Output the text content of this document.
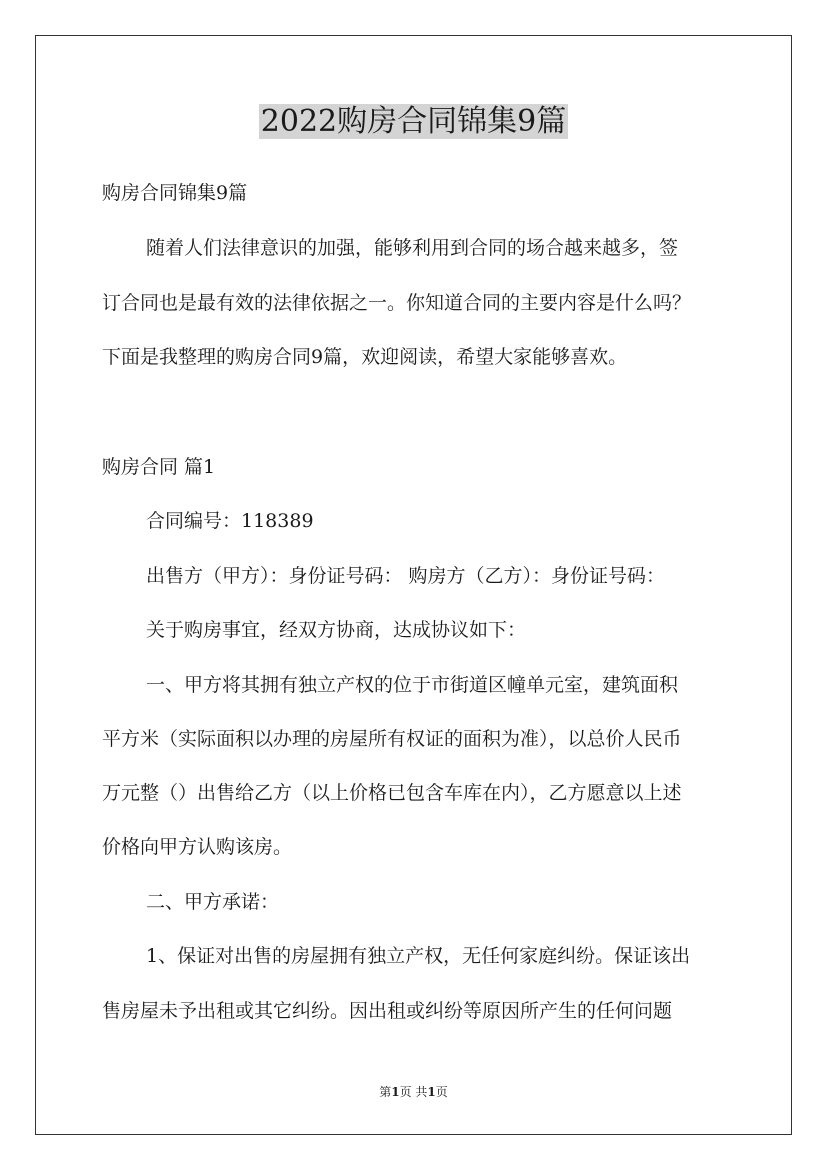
2022购房合同锦集9篇
购房合同锦集9篇
随着人们法律意识的加强，能够利用到合同的场合越来越多，签
订合同也是最有效的法律依据之一。你知道合同的主要内容是什么吗？
下面是我整理的购房合同9篇，欢迎阅读，希望大家能够喜欢。
购房合同 篇1
合同编号：118389
出售方（甲方）：身份证号码： 购房方（乙方）：身份证号码：
关于购房事宜，经双方协商，达成协议如下：
一、甲方将其拥有独立产权的位于市街道区幢单元室，建筑面积
平方米（实际面积以办理的房屋所有权证的面积为准），以总价人民币
万元整（）出售给乙方（以上价格已包含车库在内），乙方愿意以上述
价格向甲方认购该房。
二、甲方承诺：
1、保证对出售的房屋拥有独立产权，无任何家庭纠纷。保证该出
售房屋未予出租或其它纠纷。因出租或纠纷等原因所产生的任何问题
第1页 共1页
